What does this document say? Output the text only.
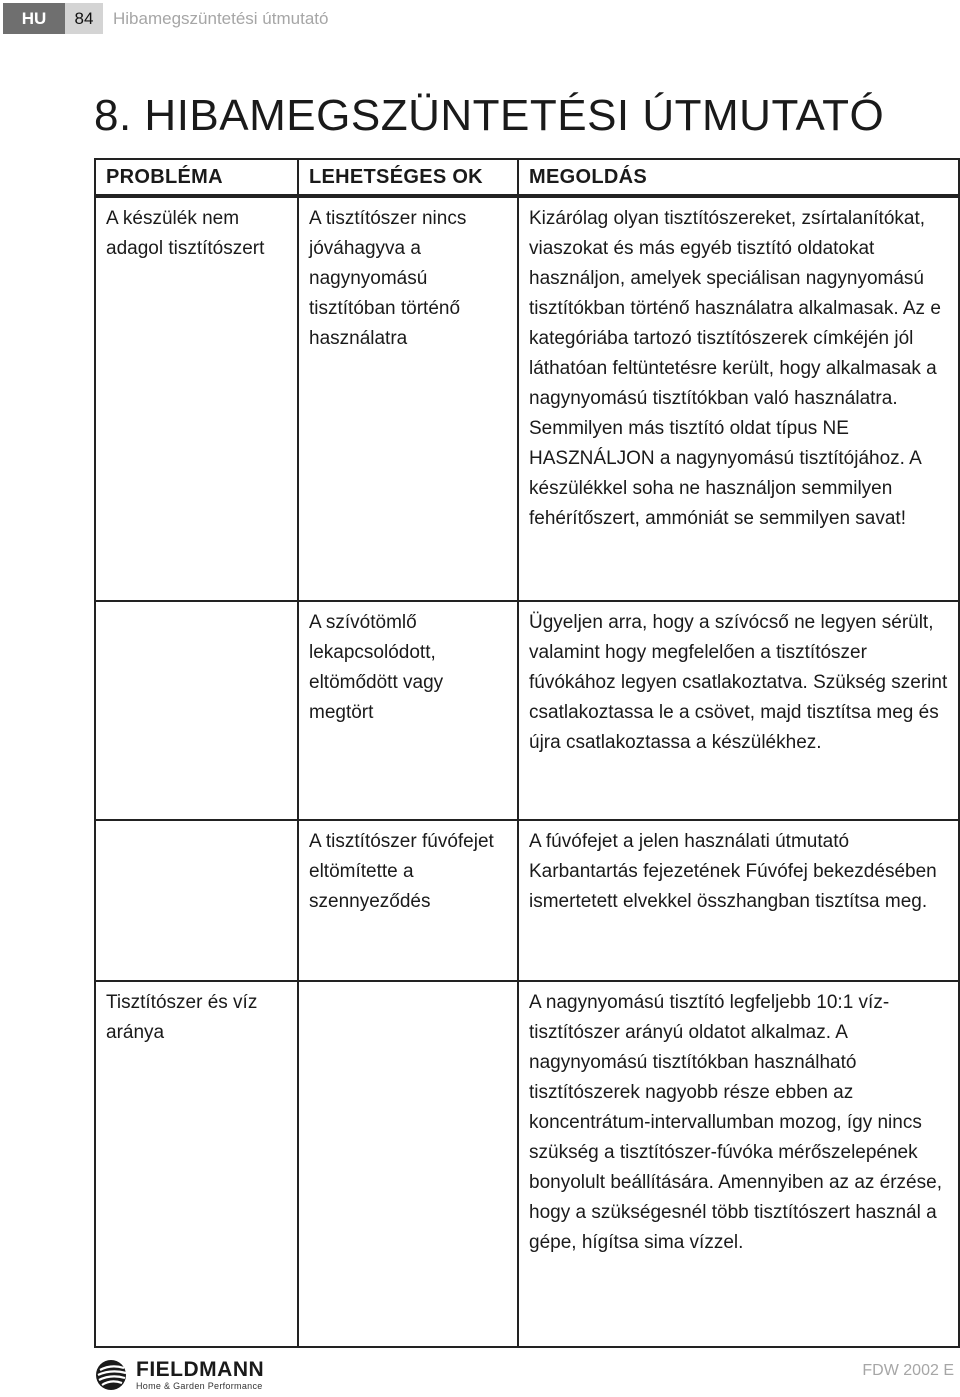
HU	84	Hibamegszüntetési útmutató
8. HIBAMEGSZÜNTETÉSI ÚTMUTATÓ
PROBLÉMA	LEHETSÉGES OK	MEGOLDÁS
A készülék nem adagol tisztítószert	A tisztítószer nincs jóváhagyva a nagynyomású tisztítóban történő használatra	Kizárólag olyan tisztítószereket, zsírtalanítókat, viaszokat és más egyéb tisztító oldatokat használjon, amelyek speciálisan nagynyomású tisztítókban történő használatra alkalmasak. Az e kategóriába tartozó tisztítószerek címkéjén jól láthatóan feltüntetésre került, hogy alkalmasak a nagynyomású tisztítókban való használatra. Semmilyen más tisztító oldat típus NE HASZNÁLJON a nagynyomású tisztítójához. A készülékkel soha ne használjon semmilyen fehérítőszert, ammóniát se semmilyen savat!
	A szívótömlő lekapcsolódott, eltömődött vagy megtört	Ügyeljen arra, hogy a szívócső ne legyen sérült, valamint hogy megfelelően a tisztítószer fúvókához legyen csatlakoztatva. Szükség szerint csatlakoztassa le a csövet, majd tisztítsa meg és újra csatlakoztassa a készülékhez.
	A tisztítószer fúvófejet eltömítette a szennyeződés	A fúvófejet a jelen használati útmutató Karbantartás fejezetének Fúvófej bekezdésében ismertetett elvekkel összhangban tisztítsa meg.
Tisztítószer és víz aránya		A nagynyomású tisztító legfeljebb 10:1 víz-tisztítószer arányú oldatot alkalmaz. A nagynyomású tisztítókban használható tisztítószerek nagyobb része ebben az koncentrátum-intervallumban mozog, így nincs szükség a tisztítószer-fúvóka mérőszelepének bonyolult beállítására. Amennyiben az az érzése, hogy a szükségesnél több tisztítószert használ a gépe, hígítsa sima vízzel.
FIELDMANN
Home & Garden Performance
FDW 2002 E
